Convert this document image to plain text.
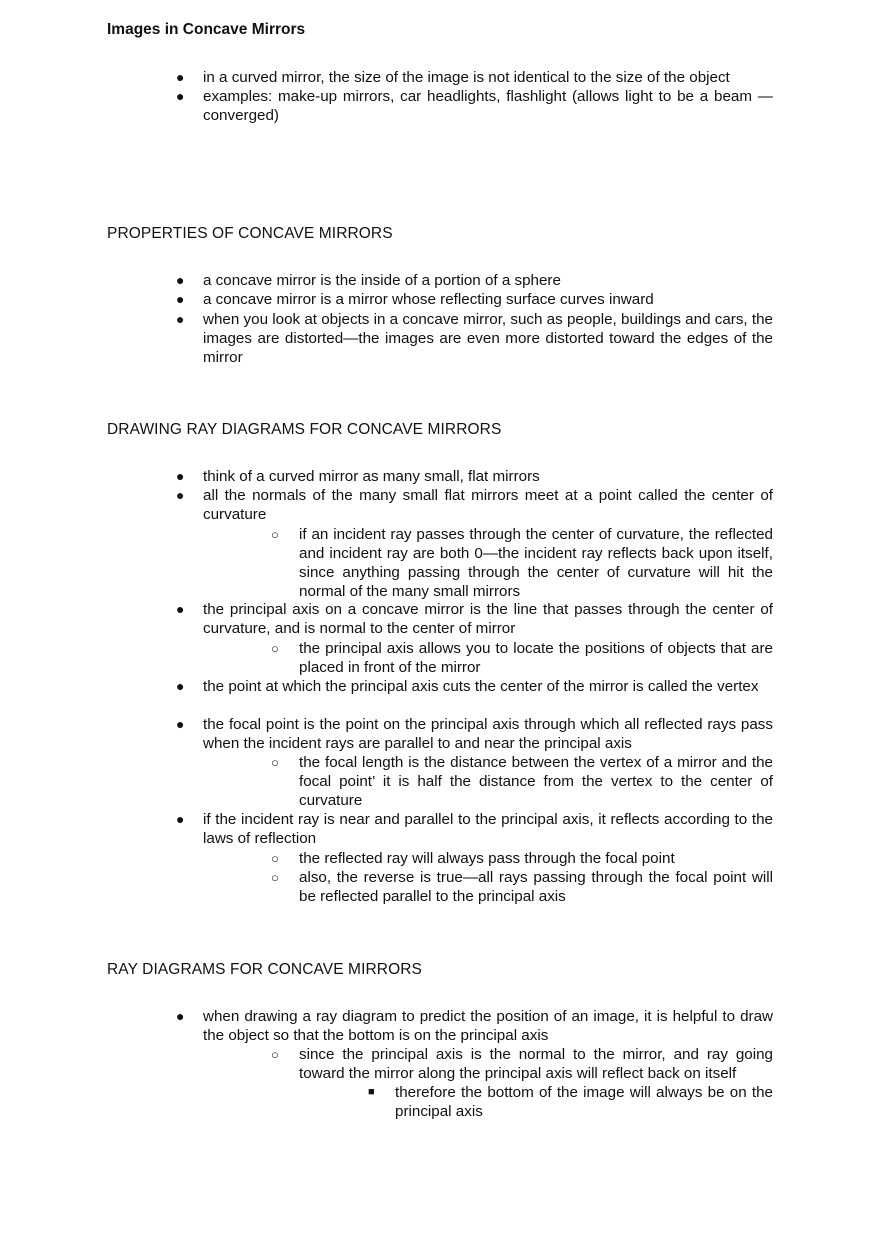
Images in Concave Mirrors
● in a curved mirror, the size of the image is not identical to the size of the object
● examples: make-up mirrors, car headlights, flashlight (allows light to be a beam —converged)
PROPERTIES OF CONCAVE MIRRORS
● a concave mirror is the inside of a portion of a sphere
● a concave mirror is a mirror whose reflecting surface curves inward
● when you look at objects in a concave mirror, such as people, buildings and cars, the images are distorted—the images are even more distorted toward the edges of the mirror
DRAWING RAY DIAGRAMS FOR CONCAVE MIRRORS
● think of a curved mirror as many small, flat mirrors
● all the normals of the many small flat mirrors meet at a point called the center of curvature
○ if an incident ray passes through the center of curvature, the reflected and incident ray are both 0—the incident ray reflects back upon itself, since anything passing through the center of curvature will hit the normal of the many small mirrors
● the principal axis on a concave mirror is the line that passes through the center of curvature, and is normal to the center of mirror
○ the principal axis allows you to locate the positions of objects that are placed in front of the mirror
● the point at which the principal axis cuts the center of the mirror is called the vertex
● the focal point is the point on the principal axis through which all reflected rays pass when the incident rays are parallel to and near the principal axis
○ the focal length is the distance between the vertex of a mirror and the focal point’ it is half the distance from the vertex to the center of curvature
● if the incident ray is near and parallel to the principal axis, it reflects according to the laws of reflection
○ the reflected ray will always pass through the focal point
○ also, the reverse is true—all rays passing through the focal point will be reflected parallel to the principal axis
RAY DIAGRAMS FOR CONCAVE MIRRORS
● when drawing a ray diagram to predict the position of an image, it is helpful to draw the object so that the bottom is on the principal axis
○ since the principal axis is the normal to the mirror, and ray going toward the mirror along the principal axis will reflect back on itself
■ therefore the bottom of the image will always be on the principal axis
